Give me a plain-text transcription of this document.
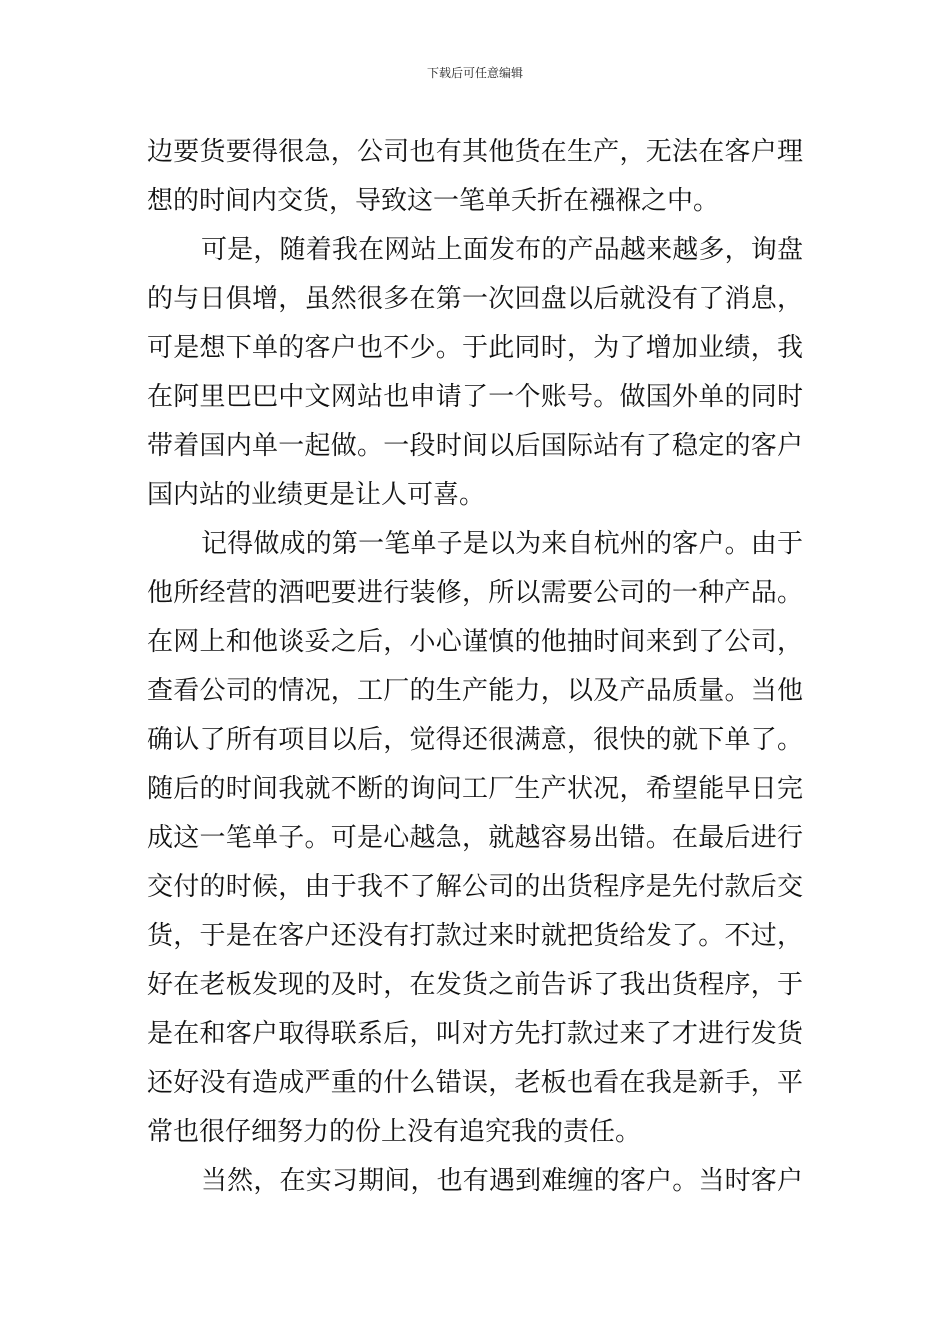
下载后可任意编辑
边要货要得很急，公司也有其他货在生产，无法在客户理
想的时间内交货，导致这一笔单夭折在襁褓之中。
可是，随着我在网站上面发布的产品越来越多，询盘
的与日俱增，虽然很多在第一次回盘以后就没有了消息，
可是想下单的客户也不少。于此同时，为了增加业绩，我
在阿里巴巴中文网站也申请了一个账号。做国外单的同时
带着国内单一起做。一段时间以后国际站有了稳定的客户
国内站的业绩更是让人可喜。
记得做成的第一笔单子是以为来自杭州的客户。由于
他所经营的酒吧要进行装修，所以需要公司的一种产品。
在网上和他谈妥之后，小心谨慎的他抽时间来到了公司，
查看公司的情况，工厂的生产能力，以及产品质量。当他
确认了所有项目以后，觉得还很满意，很快的就下单了。
随后的时间我就不断的询问工厂生产状况，希望能早日完
成这一笔单子。可是心越急，就越容易出错。在最后进行
交付的时候，由于我不了解公司的出货程序是先付款后交
货，于是在客户还没有打款过来时就把货给发了。不过，
好在老板发现的及时，在发货之前告诉了我出货程序，于
是在和客户取得联系后，叫对方先打款过来了才进行发货
还好没有造成严重的什么错误，老板也看在我是新手，平
常也很仔细努力的份上没有追究我的责任。
当然，在实习期间，也有遇到难缠的客户。当时客户
